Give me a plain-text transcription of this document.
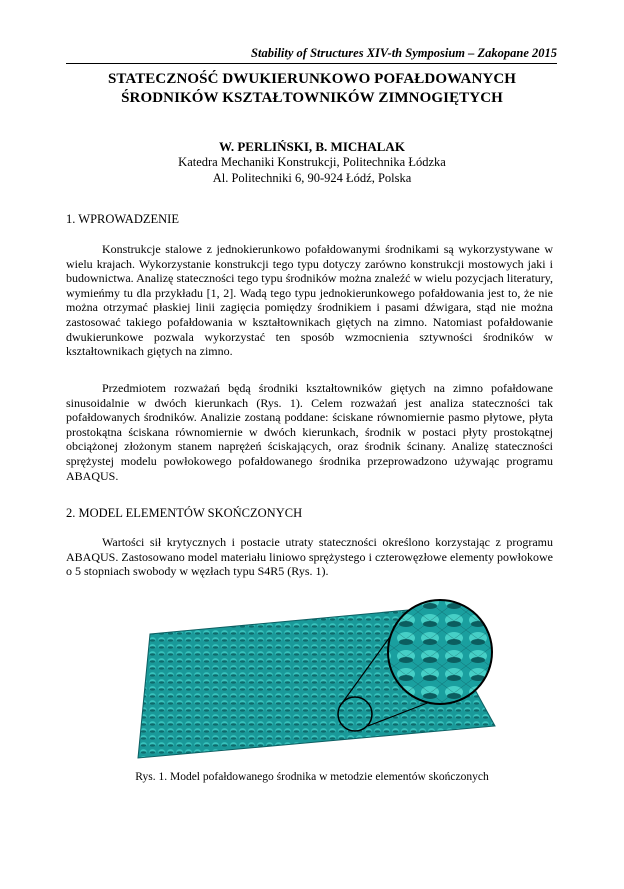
Stability of Structures XIV-th Symposium – Zakopane 2015
STATECZNOŚĆ DWUKIERUNKOWO POFAŁDOWANYCH
ŚRODNIKÓW KSZTAŁTOWNIKÓW ZIMNOGIĘTYCH
W. PERLIŃSKI, B. MICHALAK
Katedra Mechaniki Konstrukcji, Politechnika Łódzka
Al. Politechniki 6, 90-924 Łódź, Polska
1. WPROWADZENIE

Konstrukcje stalowe z jednokierunkowo pofałdowanymi środnikami są wykorzystywane w wielu krajach. Wykorzystanie konstrukcji tego typu dotyczy zarówno konstrukcji mostowych jaki i budownictwa. Analizę stateczności tego typu środników można znaleźć w wielu pozycjach literatury, wymieńmy tu dla przykładu [1, 2]. Wadą tego typu jednokierunkowego pofałdowania jest to, że nie można otrzymać płaskiej linii zagięcia pomiędzy środnikiem i pasami dźwigara, stąd nie można zastosować takiego pofałdowania w kształtownikach giętych na zimno. Natomiast pofałdowanie dwukierunkowe pozwala wykorzystać ten sposób wzmocnienia sztywności środników w kształtownikach giętych na zimno.

Przedmiotem rozważań będą środniki kształtowników giętych na zimno pofałdowane sinusoidalnie w dwóch kierunkach (Rys. 1). Celem rozważań jest analiza stateczności tak pofałdowanych środników. Analizie zostaną poddane: ściskane równomiernie pasmo płytowe, płyta prostokątna ściskana równomiernie w dwóch kierunkach, środnik w postaci płyty prostokątnej obciążonej złożonym stanem naprężeń ściskających, oraz środnik ścinany. Analizę stateczności sprężystej modelu powłokowego pofałdowanego środnika przeprowadzono używając programu ABAQUS.

2. MODEL ELEMENTÓW SKOŃCZONYCH

Wartości sił krytycznych i postacie utraty stateczności określono korzystając z programu ABAQUS. Zastosowano model materiału liniowo sprężystego i czterowęzłowe elementy powłokowe o 5 stopniach swobody w węzłach typu S4R5 (Rys. 1).

Rys. 1. Model pofałdowanego środnika w metodzie elementów skończonych
